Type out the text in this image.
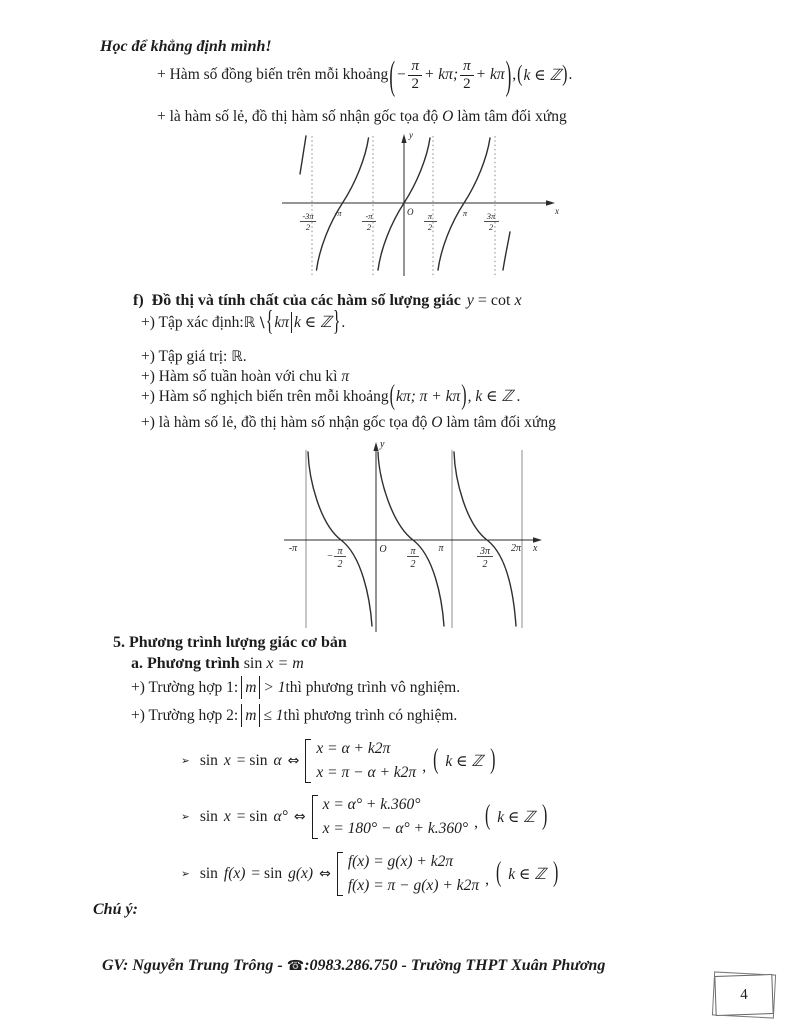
Học để khẳng định mình!
+ Hàm số đồng biến trên mỗi khoảng ( − $\frac{\pi}{2} + k\pi$; $\frac{\pi}{2} + k\pi$ ) , ( k ∈ ℤ ) .
+ là hàm số lẻ, đồ thị hàm số nhận gốc tọa độ O làm tâm đối xứng
y
x
O
-3π
2
-π	-π
2
π
2
π 3π
2
f) Đồ thị và tính chất của các hàm số lượng giác y = cot x
+) Tập xác định: ℝ \ { kπ k ∈ ℤ } .
+) Tập giá trị: ℝ.
+) Hàm số tuần hoàn với chu kì π
+) Hàm số nghịch biến trên mỗi khoảng ( kπ; π + kπ ) , k ∈ ℤ .
+) là hàm số lẻ, đồ thị hàm số nhận gốc tọa độ O làm tâm đối xứng
y
x
-π
− π
2
O π
2
π	3π
2
2π
5. Phương trình lượng giác cơ bản
a. Phương trình sin x = m
+) Trường hợp 1: m > 1 thì phương trình vô nghiệm.
+) Trường hợp 2: m ≤ 1 thì phương trình có nghiệm.
➢ sin x = sin α ⇔
x = α + k2π
x = π − α + k2π , ( k ∈ ℤ )
➢ sin x = sin α° ⇔
x = α° + k.360°
x = 180° − α° + k.360° , ( k ∈ ℤ )
➢ sin f(x) = sin g(x) ⇔
f(x) = g(x) + k2π
f(x) = π − g(x) + k2π , ( k ∈ ℤ )
Chú ý:
GV: Nguyễn Trung Trông - ☎:0983.286.750 - Trường THPT Xuân Phương
4
